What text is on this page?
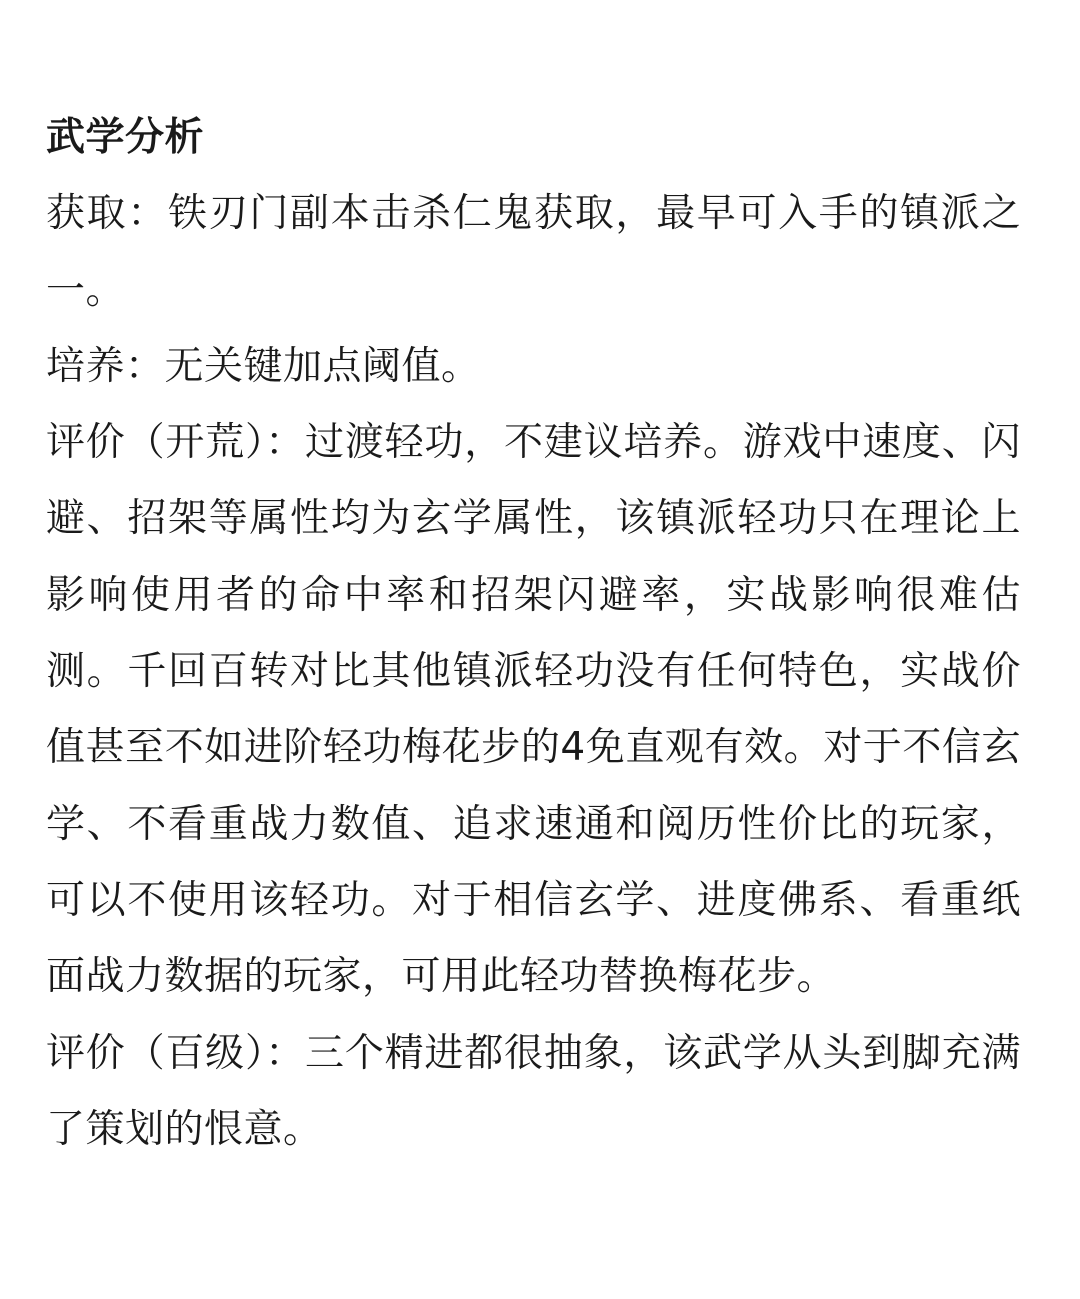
武学分析

获取：铁刃门副本击杀仁鬼获取，最早可入手的镇派之一。

培养：无关键加点阈值。

评价（开荒）：过渡轻功，不建议培养。游戏中速度、闪避、招架等属性均为玄学属性，该镇派轻功只在理论上影响使用者的命中率和招架闪避率，实战影响很难估测。千回百转对比其他镇派轻功没有任何特色，实战价值甚至不如进阶轻功梅花步的4免直观有效。对于不信玄学、不看重战力数值、追求速通和阅历性价比的玩家，可以不使用该轻功。对于相信玄学、进度佛系、看重纸面战力数据的玩家，可用此轻功替换梅花步。

评价（百级）：三个精进都很抽象，该武学从头到脚充满了策划的恨意。
